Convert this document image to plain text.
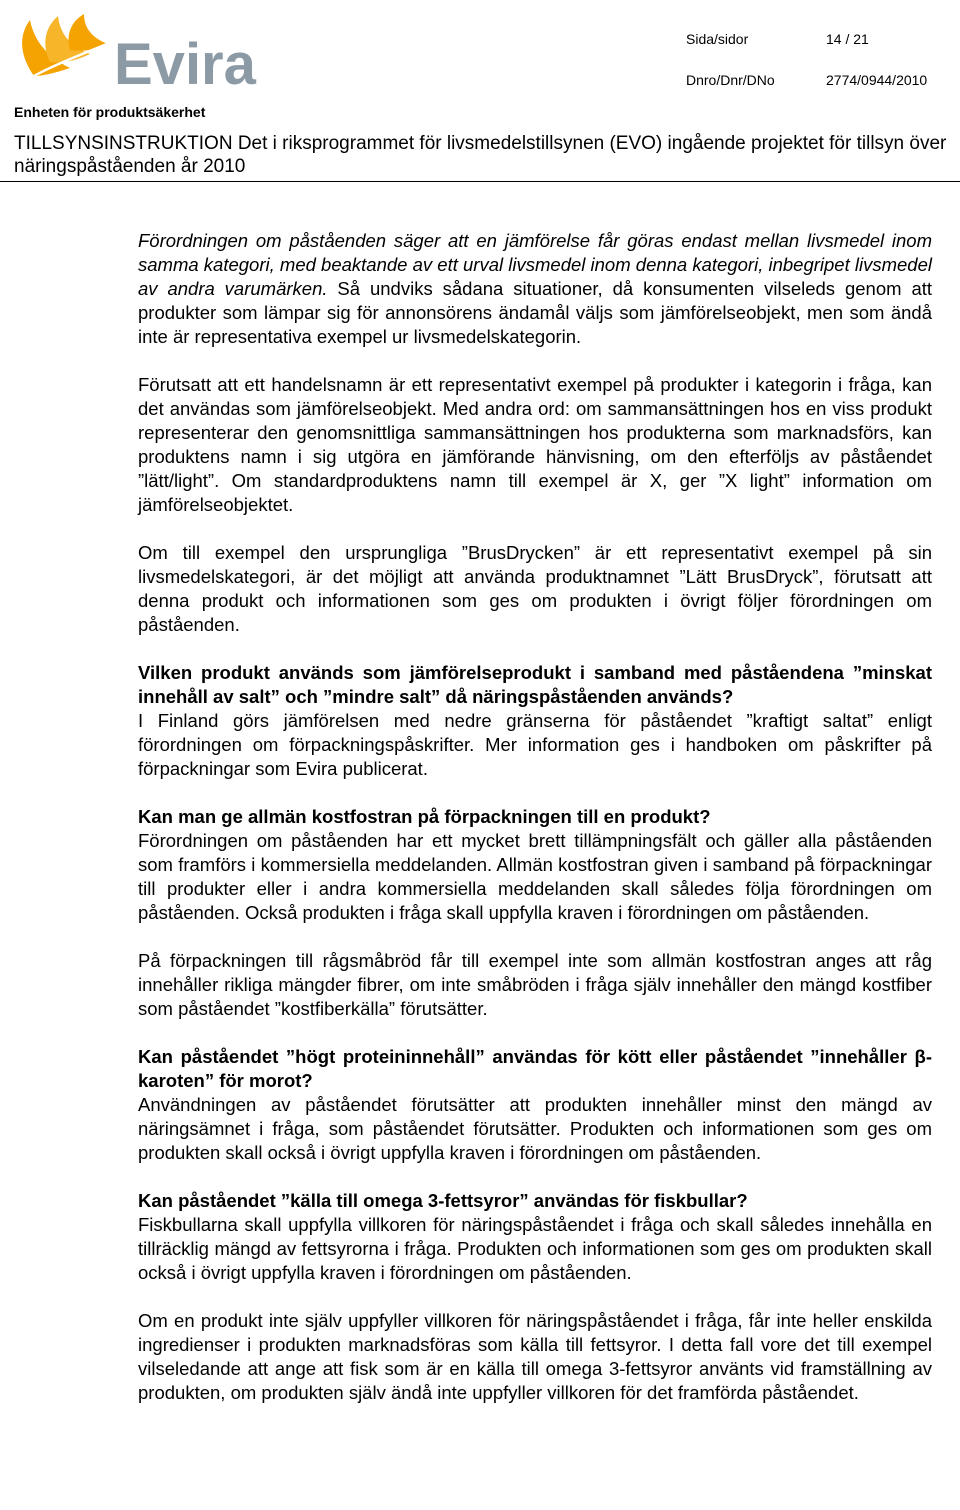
Evira	Sida/sidor	14 / 21
Dnro/Dnr/DNo	2774/0944/2010
Enheten för produktsäkerhet
TILLSYNSINSTRUKTION Det i riksprogrammet för livsmedelstillsynen (EVO) ingående projektet för tillsyn över näringspåståenden år 2010

Förordningen om påståenden säger att en jämförelse får göras endast mellan livsmedel inom samma kategori, med beaktande av ett urval livsmedel inom denna kategori, inbegripet livsmedel av andra varumärken. Så undviks sådana situationer, då konsumenten vilseleds genom att produkter som lämpar sig för annonsörens ändamål väljs som jämförelseobjekt, men som ändå inte är representativa exempel ur livsmedelskategorin.

Förutsatt att ett handelsnamn är ett representativt exempel på produkter i kategorin i fråga, kan det användas som jämförelseobjekt. Med andra ord: om sammansättningen hos en viss produkt representerar den genomsnittliga sammansättningen hos produkterna som marknadsförs, kan produktens namn i sig utgöra en jämförande hänvisning, om den efterföljs av påståendet ”lätt/light”. Om standardproduktens namn till exempel är X, ger ”X light” information om jämförelseobjektet.

Om till exempel den ursprungliga ”BrusDrycken” är ett representativt exempel på sin livsmedelskategori, är det möjligt att använda produktnamnet ”Lätt BrusDryck”, förutsatt att denna produkt och informationen som ges om produkten i övrigt följer förordningen om påståenden.

Vilken produkt används som jämförelseprodukt i samband med påståendena ”minskat innehåll av salt” och ”mindre salt” då näringspåståenden används?

I Finland görs jämförelsen med nedre gränserna för påståendet ”kraftigt saltat” enligt förordningen om förpackningspåskrifter. Mer information ges i handboken om påskrifter på förpackningar som Evira publicerat.

Kan man ge allmän kostfostran på förpackningen till en produkt?

Förordningen om påståenden har ett mycket brett tillämpningsfält och gäller alla påståenden som framförs i kommersiella meddelanden. Allmän kostfostran given i samband på förpackningar till produkter eller i andra kommersiella meddelanden skall således följa förordningen om påståenden. Också produkten i fråga skall uppfylla kraven i förordningen om påståenden.

På förpackningen till rågsmåbröd får till exempel inte som allmän kostfostran anges att råg innehåller rikliga mängder fibrer, om inte småbröden i fråga själv innehåller den mängd kostfiber som påståendet ”kostfiberkälla” förutsätter.

Kan påståendet ”högt proteininnehåll” användas för kött eller påståendet ”innehåller β-karoten” för morot?

Användningen av påståendet förutsätter att produkten innehåller minst den mängd av näringsämnet i fråga, som påståendet förutsätter. Produkten och informationen som ges om produkten skall också i övrigt uppfylla kraven i förordningen om påståenden.

Kan påståendet ”källa till omega 3-fettsyror” användas för fiskbullar?

Fiskbullarna skall uppfylla villkoren för näringspåståendet i fråga och skall således innehålla en tillräcklig mängd av fettsyrorna i fråga. Produkten och informationen som ges om produkten skall också i övrigt uppfylla kraven i förordningen om påståenden.

Om en produkt inte själv uppfyller villkoren för näringspåståendet i fråga, får inte heller enskilda ingredienser i produkten marknadsföras som källa till fettsyror. I detta fall vore det till exempel vilseledande att ange att fisk som är en källa till omega 3-fettsyror använts vid framställning av produkten, om produkten själv ändå inte uppfyller villkoren för det framförda påståendet.
